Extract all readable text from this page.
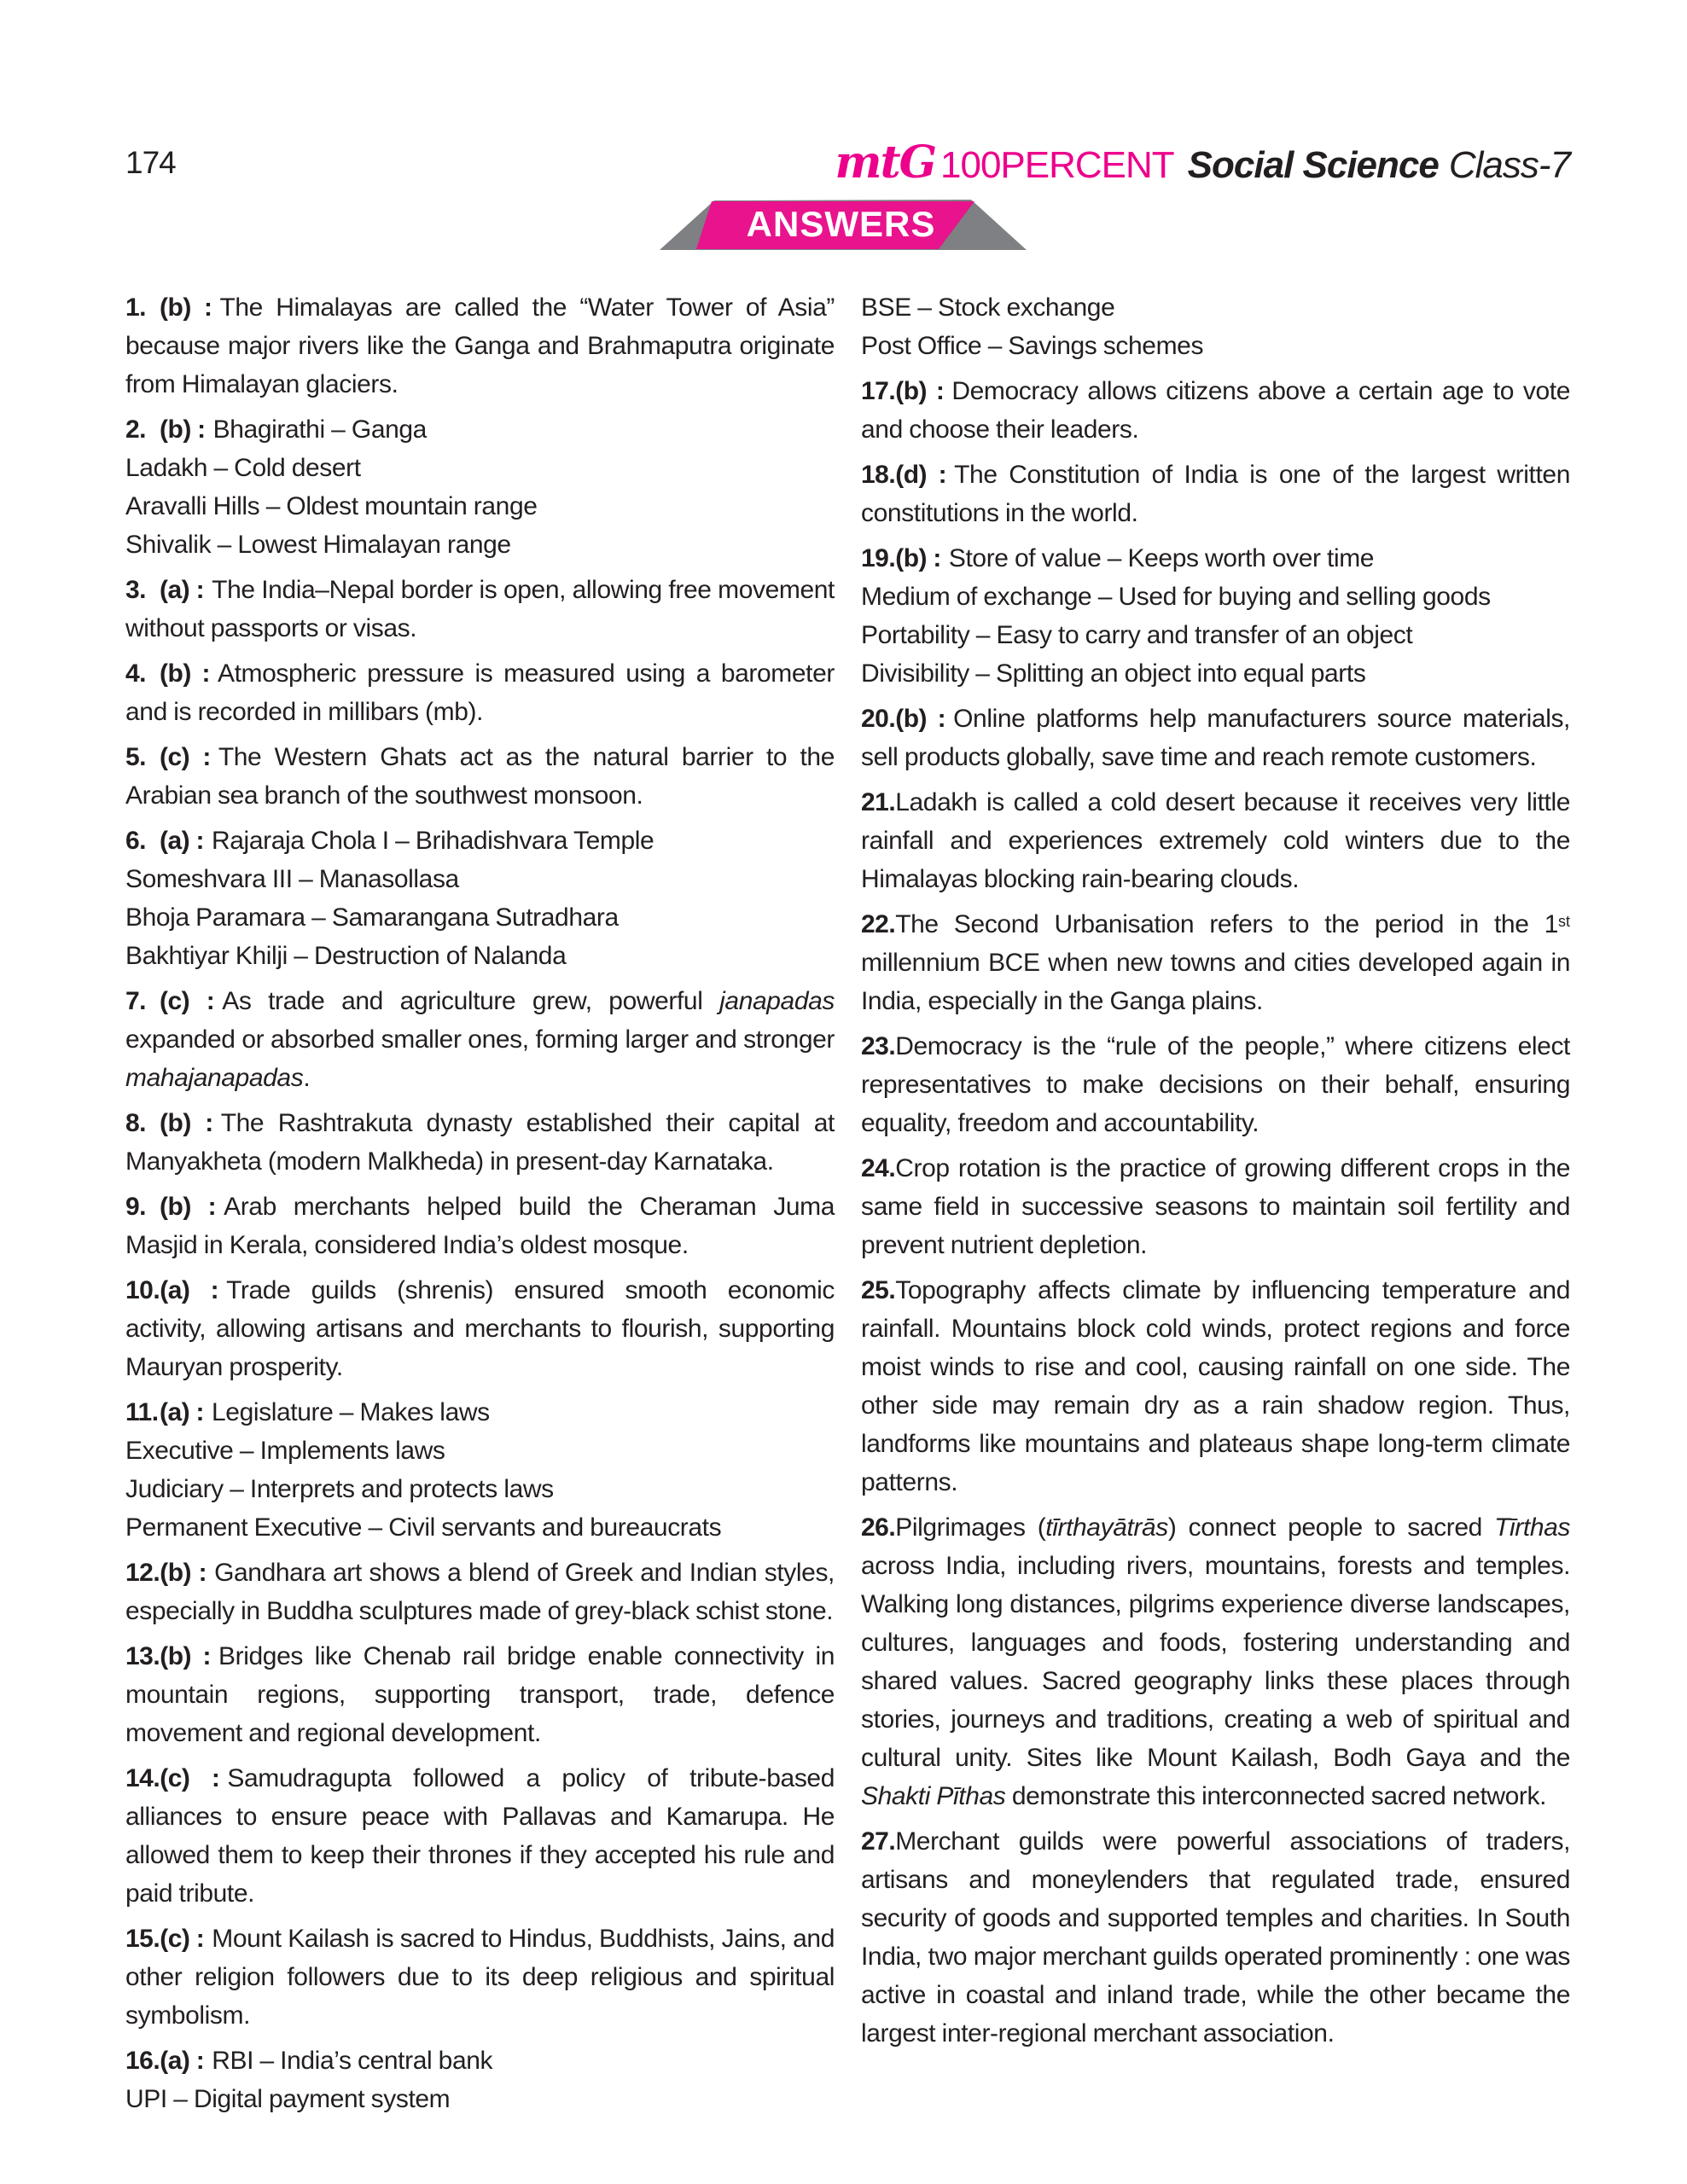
174	mtG 100PERCENT Social Science Class-7
ANSWERS

1. (b) : The Himalayas are called the “Water Tower of Asia” because major rivers like the Ganga and Brahmaputra originate from Himalayan glaciers.

2. (b) : Bhagirathi – Ganga

Ladakh – Cold desert

Aravalli Hills – Oldest mountain range

Shivalik – Lowest Himalayan range

3. (a) : The India–Nepal border is open, allowing free movement without passports or visas.

4. (b) : Atmospheric pressure is measured using a barometer and is recorded in millibars (mb).

5. (c) : The Western Ghats act as the natural barrier to the Arabian sea branch of the southwest monsoon.

6. (a) : Rajaraja Chola I – Brihadishvara Temple

Someshvara III – Manasollasa

Bhoja Paramara – Samarangana Sutradhara

Bakhtiyar Khilji – Destruction of Nalanda

7. (c) : As trade and agriculture grew, powerful janapadas expanded or absorbed smaller ones, forming larger and stronger mahajanapadas.

8. (b) : The Rashtrakuta dynasty established their capital at Manyakheta (modern Malkheda) in present-day Karnataka.

9. (b) : Arab merchants helped build the Cheraman Juma Masjid in Kerala, considered India’s oldest mosque.

10.(a) : Trade guilds (shrenis) ensured smooth economic activity, allowing artisans and merchants to flourish, supporting Mauryan prosperity.

11.(a) : Legislature – Makes laws

Executive – Implements laws

Judiciary – Interprets and protects laws

Permanent Executive – Civil servants and bureaucrats

12.(b) : Gandhara art shows a blend of Greek and Indian styles, especially in Buddha sculptures made of grey-black schist stone.

13.(b) : Bridges like Chenab rail bridge enable connectivity in mountain regions, supporting transport, trade, defence movement and regional development.

14.(c) : Samudragupta followed a policy of tribute-based alliances to ensure peace with Pallavas and Kamarupa. He allowed them to keep their thrones if they accepted his rule and paid tribute.

15.(c) : Mount Kailash is sacred to Hindus, Buddhists, Jains, and other religion followers due to its deep religious and spiritual symbolism.

16.(a) : RBI – India’s central bank

UPI – Digital payment system

BSE – Stock exchange

Post Office – Savings schemes

17.(b) : Democracy allows citizens above a certain age to vote and choose their leaders.

18.(d) : The Constitution of India is one of the largest written constitutions in the world.

19.(b) : Store of value – Keeps worth over time

Medium of exchange – Used for buying and selling goods

Portability – Easy to carry and transfer of an object

Divisibility – Splitting an object into equal parts

20.(b) : Online platforms help manufacturers source materials, sell products globally, save time and reach remote customers.

21.Ladakh is called a cold desert because it receives very little rainfall and experiences extremely cold winters due to the Himalayas blocking rain-bearing clouds.

22.The Second Urbanisation refers to the period in the 1st millennium BCE when new towns and cities developed again in India, especially in the Ganga plains.

23.Democracy is the “rule of the people,” where citizens elect representatives to make decisions on their behalf, ensuring equality, freedom and accountability.

24.Crop rotation is the practice of growing different crops in the same field in successive seasons to maintain soil fertility and prevent nutrient depletion.

25.Topography affects climate by influencing temperature and rainfall. Mountains block cold winds, protect regions and force moist winds to rise and cool, causing rainfall on one side. The other side may remain dry as a rain shadow region. Thus, landforms like mountains and plateaus shape long-term climate patterns.

26.Pilgrimages (tīrthayātrās) connect people to sacred Tīrthas across India, including rivers, mountains, forests and temples. Walking long distances, pilgrims experience diverse landscapes, cultures, languages and foods, fostering understanding and shared values. Sacred geography links these places through stories, journeys and traditions, creating a web of spiritual and cultural unity. Sites like Mount Kailash, Bodh Gaya and the Shakti Pīthas demonstrate this interconnected sacred network.

27.Merchant guilds were powerful associations of traders, artisans and moneylenders that regulated trade, ensured security of goods and supported temples and charities. In South India, two major merchant guilds operated prominently : one was active in coastal and inland trade, while the other became the largest inter-regional merchant association.
